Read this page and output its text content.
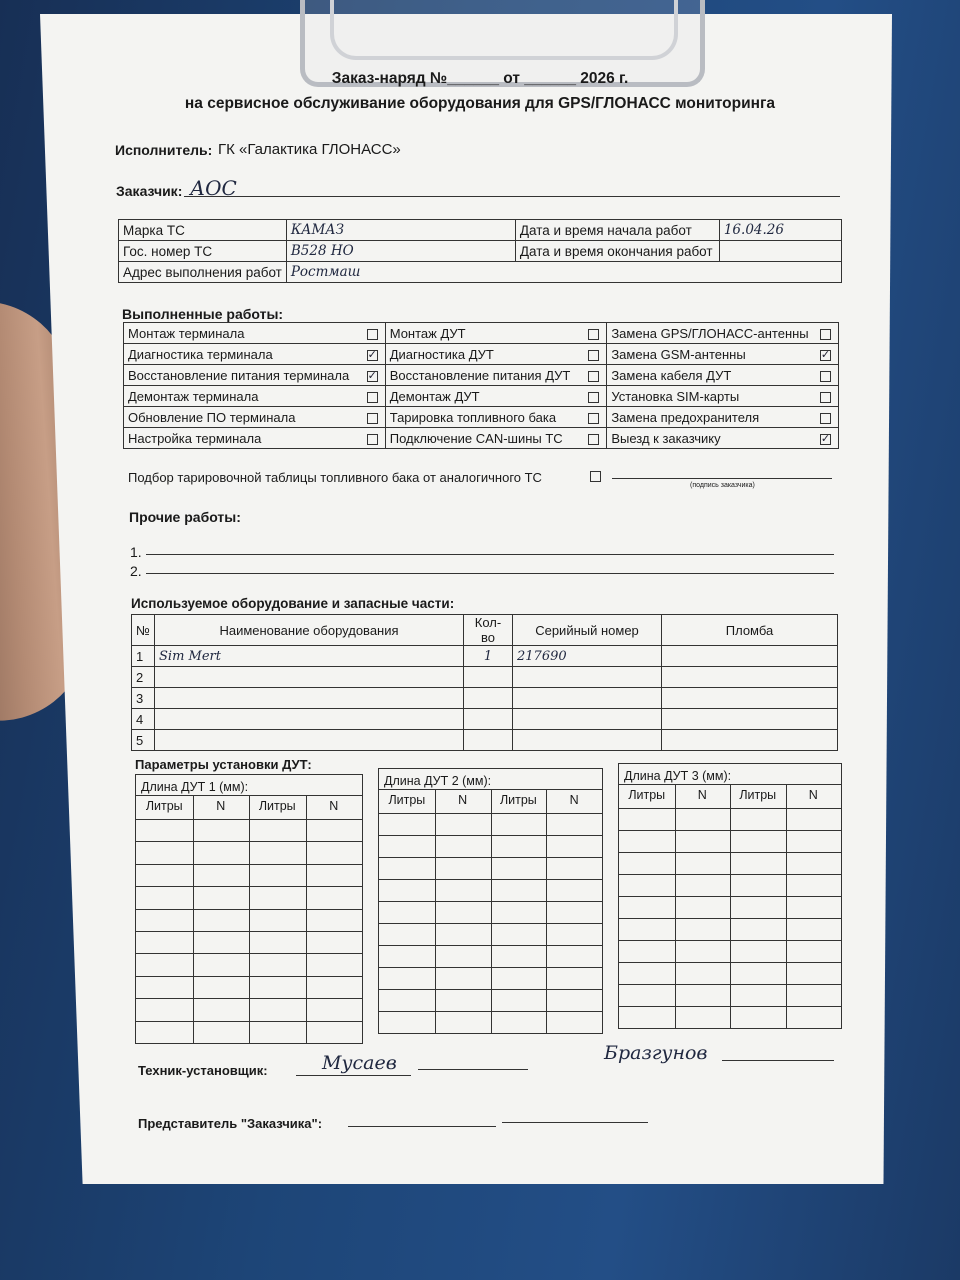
Заказ-наряд №______ от ______ 2026 г.
на сервисное обслуживание оборудования для GPS/ГЛОНАСС мониторинга
Исполнитель: ГК «Галактика ГЛОНАСС»
Заказчик: АОС
Марка ТС	КАМАЗ	Дата и время начала работ	16.04.26
Гос. номер ТС	В528 НО	Дата и время окончания работ	
Адрес выполнения работ	Ростмаш		
Выполненные работы:
Монтаж терминала		Монтаж ДУТ		Замена GPS/ГЛОНАСС-антенны	
Диагностика терминала	✓	Диагностика ДУТ		Замена GSM-антенны	✓
Восстановление питания терминала	✓	Восстановление питания ДУТ		Замена кабеля ДУТ	
Демонтаж терминала		Демонтаж ДУТ		Установка SIM-карты	
Обновление ПО терминала		Тарировка топливного бака		Замена предохранителя	
Настройка терминала		Подключение CAN-шины ТС		Выезд к заказчику	✓
Подбор тарировочной таблицы топливного бака от аналогичного ТС
(подпись заказчика)
Прочие работы:
1.
2.
Используемое оборудование и запасные части:
№	Наименование оборудования	Кол-во	Серийный номер	Пломба
1	Sim Mert	1	217690	
2				
3				
4				
5				
Параметры установки ДУТ:
Длина ДУТ 1 (мм):
Литры	N	Литры	N
Длина ДУТ 2 (мм):
Литры	N	Литры	N
Длина ДУТ 3 (мм):
Литры	N	Литры	N
Техник-установщик:	Мусаев	Бразгунов
Представитель "Заказчика":
